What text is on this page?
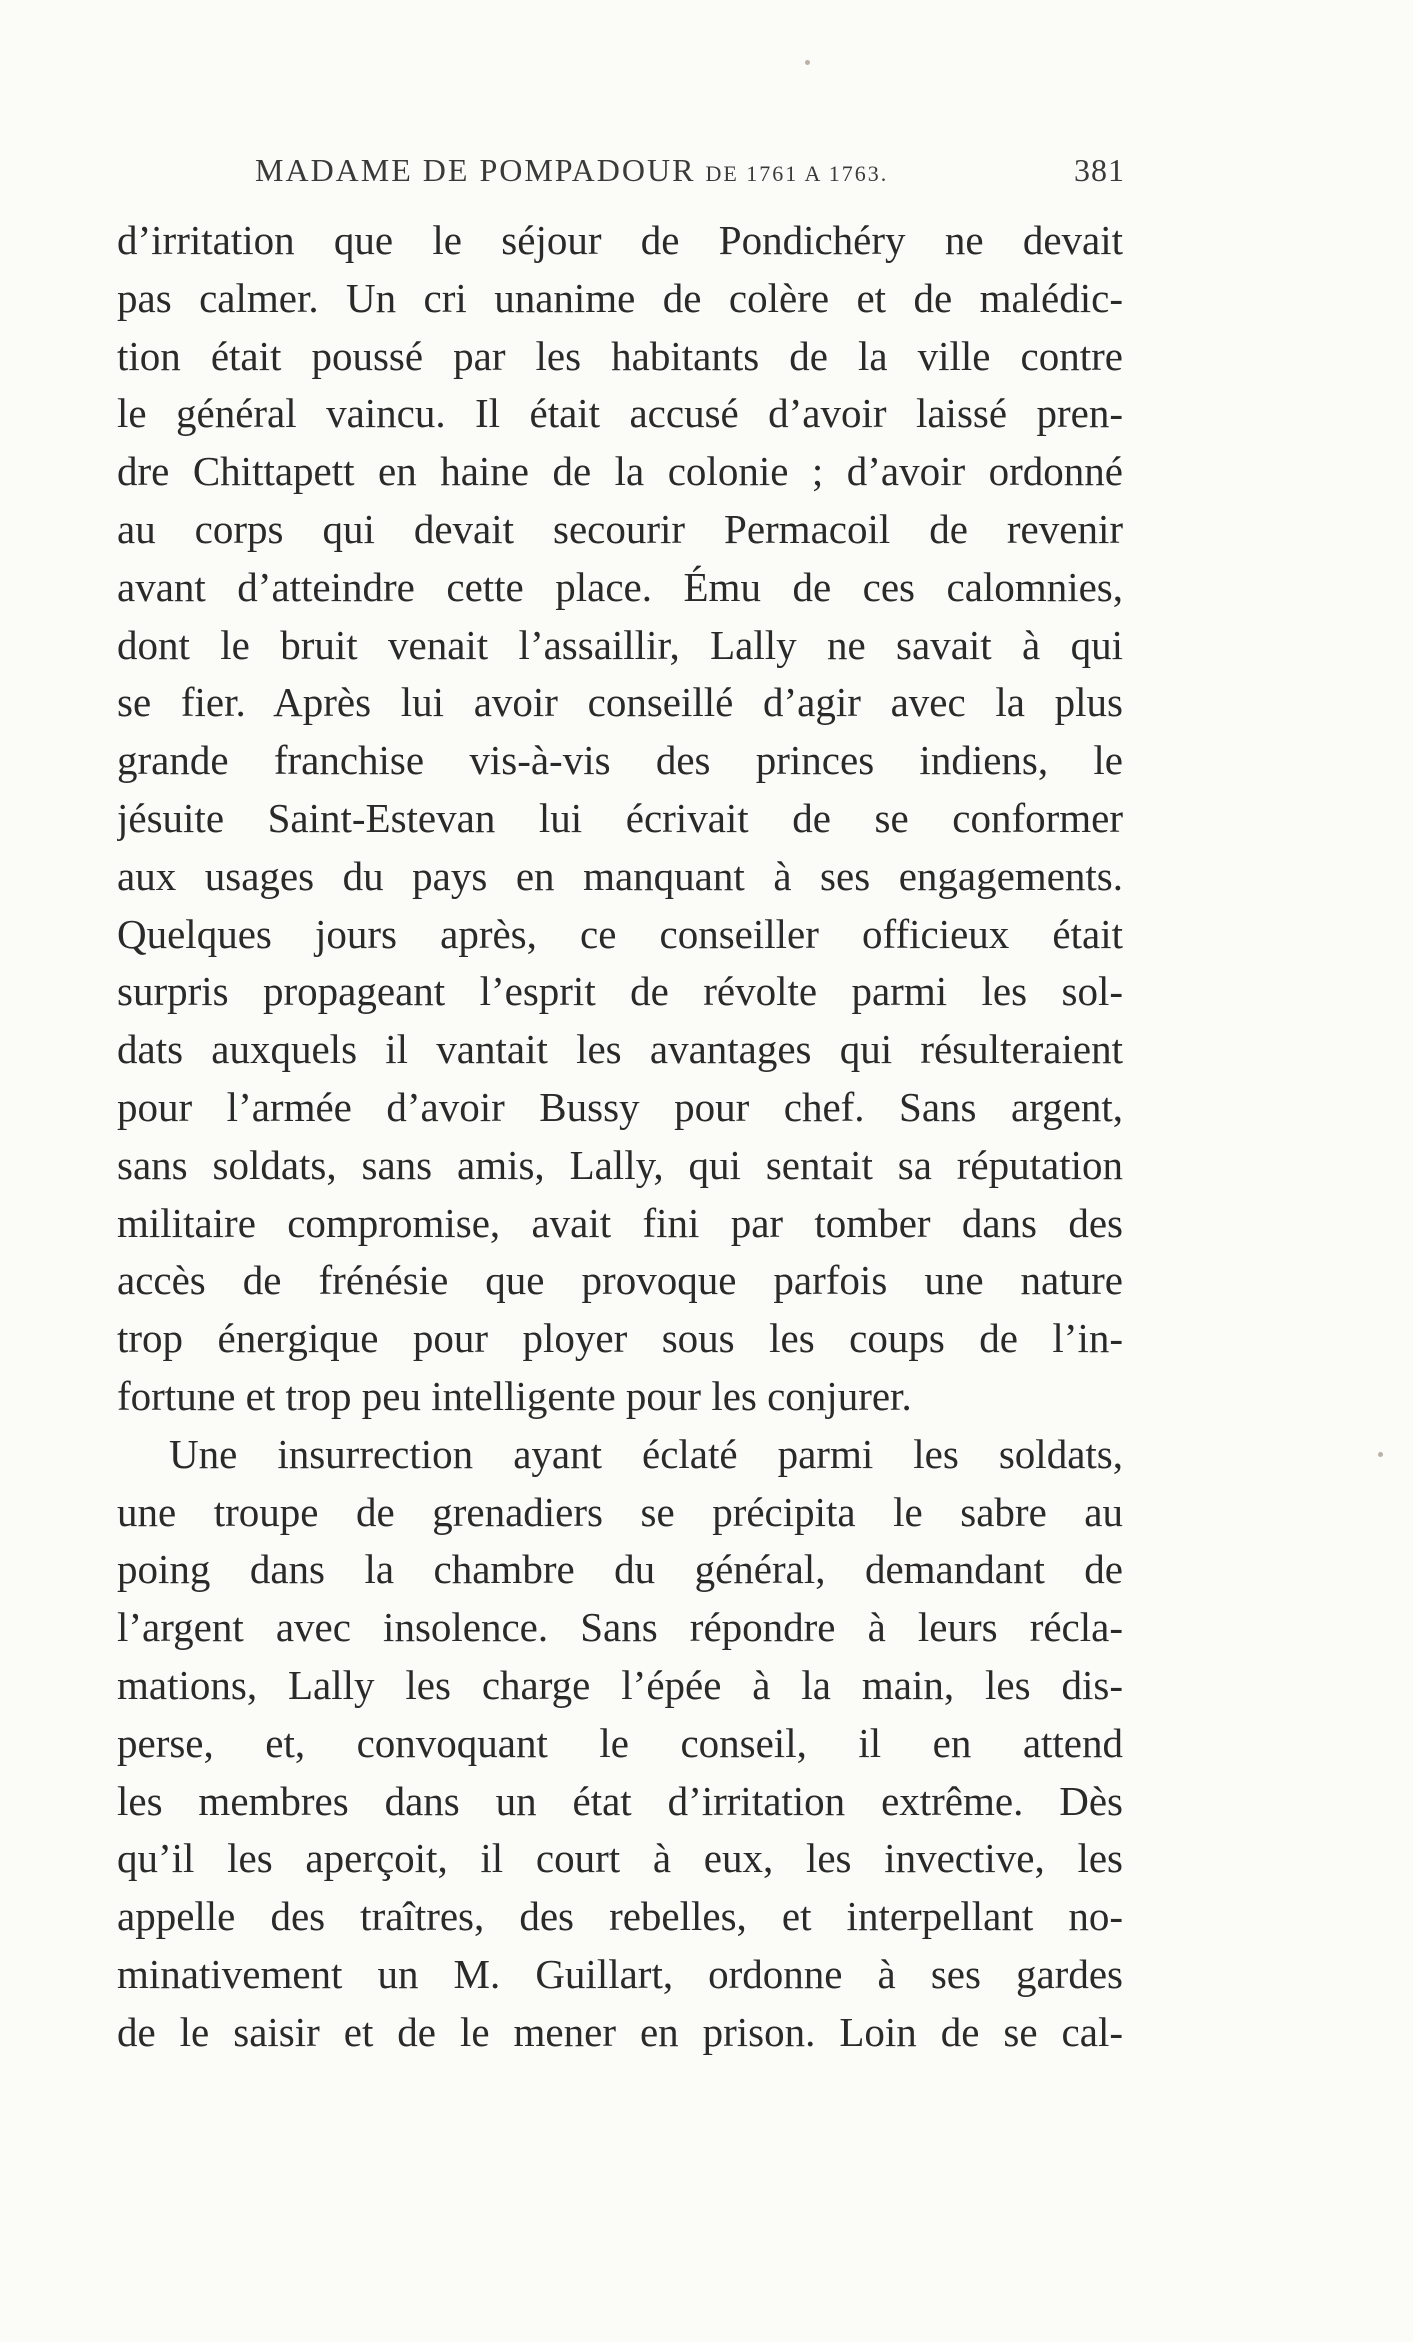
MADAME DE POMPADOUR DE 1761 A 1763.	381
d’irritation que le séjour de Pondichéry ne devait
pas calmer. Un cri unanime de colère et de malédic-
tion était poussé par les habitants de la ville contre
le général vaincu. Il était accusé d’avoir laissé pren-
dre Chittapett en haine de la colonie ; d’avoir ordonné
au corps qui devait secourir Permacoil de revenir
avant d’atteindre cette place. Ému de ces calomnies,
dont le bruit venait l’assaillir, Lally ne savait à qui
se fier. Après lui avoir conseillé d’agir avec la plus
grande franchise vis-à-vis des princes indiens, le
jésuite Saint-Estevan lui écrivait de se conformer
aux usages du pays en manquant à ses engagements.
Quelques jours après, ce conseiller officieux était
surpris propageant l’esprit de révolte parmi les sol-
dats auxquels il vantait les avantages qui résulteraient
pour l’armée d’avoir Bussy pour chef. Sans argent,
sans soldats, sans amis, Lally, qui sentait sa réputation
militaire compromise, avait fini par tomber dans des
accès de frénésie que provoque parfois une nature
trop énergique pour ployer sous les coups de l’in-
fortune et trop peu intelligente pour les conjurer.
Une insurrection ayant éclaté parmi les soldats,
une troupe de grenadiers se précipita le sabre au
poing dans la chambre du général, demandant de
l’argent avec insolence. Sans répondre à leurs récla-
mations, Lally les charge l’épée à la main, les dis-
perse, et, convoquant le conseil, il en attend
les membres dans un état d’irritation extrême. Dès
qu’il les aperçoit, il court à eux, les invective, les
appelle des traîtres, des rebelles, et interpellant no-
minativement un M. Guillart, ordonne à ses gardes
de le saisir et de le mener en prison. Loin de se cal-
